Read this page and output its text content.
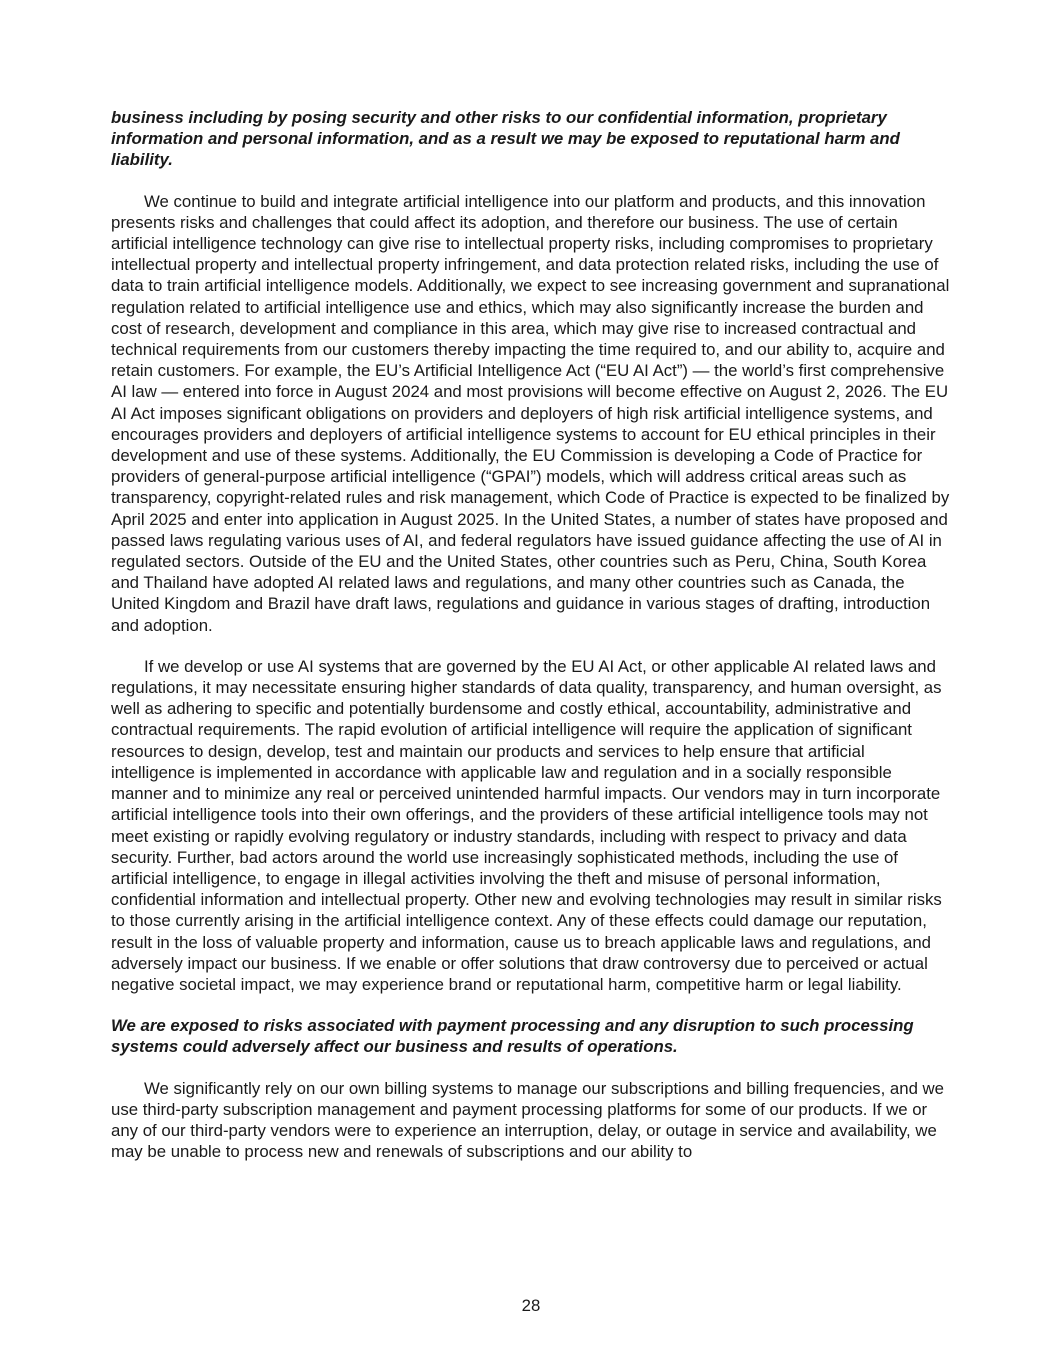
business including by posing security and other risks to our confidential information, proprietary information and personal information, and as a result we may be exposed to reputational harm and liability.

We continue to build and integrate artificial intelligence into our platform and products, and this innovation presents risks and challenges that could affect its adoption, and therefore our business. The use of certain artificial intelligence technology can give rise to intellectual property risks, including compromises to proprietary intellectual property and intellectual property infringement, and data protection related risks, including the use of data to train artificial intelligence models. Additionally, we expect to see increasing government and supranational regulation related to artificial intelligence use and ethics, which may also significantly increase the burden and cost of research, development and compliance in this area, which may give rise to increased contractual and technical requirements from our customers thereby impacting the time required to, and our ability to, acquire and retain customers. For example, the EU’s Artificial Intelligence Act (“EU AI Act”) — the world’s first comprehensive AI law — entered into force in August 2024 and most provisions will become effective on August 2, 2026. The EU AI Act imposes significant obligations on providers and deployers of high risk artificial intelligence systems, and encourages providers and deployers of artificial intelligence systems to account for EU ethical principles in their development and use of these systems. Additionally, the EU Commission is developing a Code of Practice for providers of general-purpose artificial intelligence (“GPAI”) models, which will address critical areas such as transparency, copyright-related rules and risk management, which Code of Practice is expected to be finalized by April 2025 and enter into application in August 2025. In the United States, a number of states have proposed and passed laws regulating various uses of AI, and federal regulators have issued guidance affecting the use of AI in regulated sectors. Outside of the EU and the United States, other countries such as Peru, China, South Korea and Thailand have adopted AI related laws and regulations, and many other countries such as Canada, the United Kingdom and Brazil have draft laws, regulations and guidance in various stages of drafting, introduction and adoption.

If we develop or use AI systems that are governed by the EU AI Act, or other applicable AI related laws and regulations, it may necessitate ensuring higher standards of data quality, transparency, and human oversight, as well as adhering to specific and potentially burdensome and costly ethical, accountability, administrative and contractual requirements. The rapid evolution of artificial intelligence will require the application of significant resources to design, develop, test and maintain our products and services to help ensure that artificial intelligence is implemented in accordance with applicable law and regulation and in a socially responsible manner and to minimize any real or perceived unintended harmful impacts. Our vendors may in turn incorporate artificial intelligence tools into their own offerings, and the providers of these artificial intelligence tools may not meet existing or rapidly evolving regulatory or industry standards, including with respect to privacy and data security. Further, bad actors around the world use increasingly sophisticated methods, including the use of artificial intelligence, to engage in illegal activities involving the theft and misuse of personal information, confidential information and intellectual property. Other new and evolving technologies may result in similar risks to those currently arising in the artificial intelligence context. Any of these effects could damage our reputation, result in the loss of valuable property and information, cause us to breach applicable laws and regulations, and adversely impact our business. If we enable or offer solutions that draw controversy due to perceived or actual negative societal impact, we may experience brand or reputational harm, competitive harm or legal liability.

We are exposed to risks associated with payment processing and any disruption to such processing systems could adversely affect our business and results of operations.

We significantly rely on our own billing systems to manage our subscriptions and billing frequencies, and we use third-party subscription management and payment processing platforms for some of our products. If we or any of our third-party vendors were to experience an interruption, delay, or outage in service and availability, we may be unable to process new and renewals of subscriptions and our ability to

28
